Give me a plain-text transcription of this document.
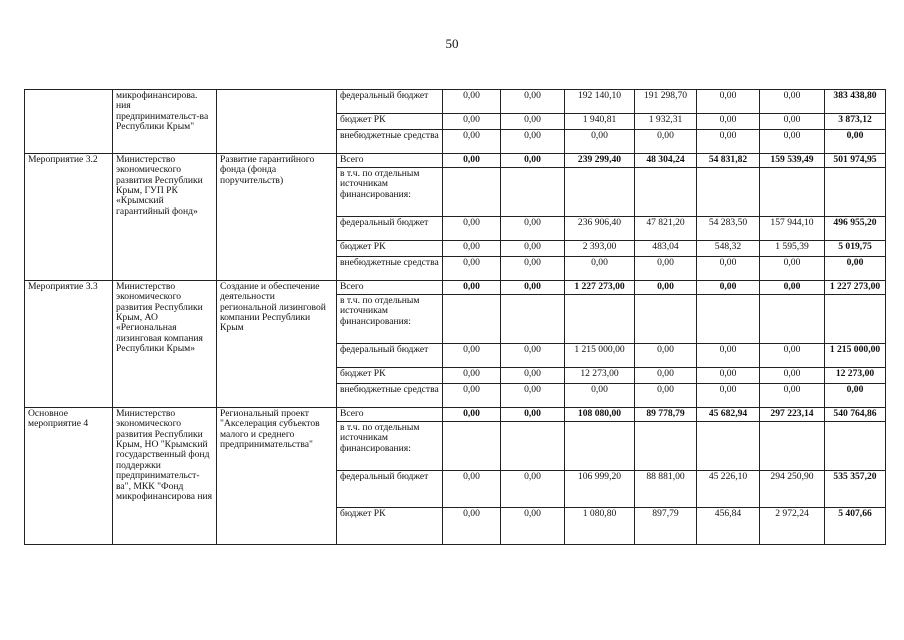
50
	микрофинансирова. ния предпринимательст-ва Республики Крым"		федеральный бюджет	0,00	0,00	192 140,10	191 298,70	0,00	0,00	383 438,80
			бюджет РК	0,00	0,00	1 940,81	1 932,31	0,00	0,00	3 873,12
			внебюджетные средства	0,00	0,00	0,00	0,00	0,00	0,00	0,00
Мероприятие 3.2	Министерство экономического развития Республики Крым, ГУП РК «Крымский гарантийный фонд»	Развитие гарантийного фонда (фонда поручительств)	Всего	0,00	0,00	239 299,40	48 304,24	54 831,82	159 539,49	501 974,95
			в т.ч. по отдельным источникам финансирования:							
			федеральный бюджет	0,00	0,00	236 906,40	47 821,20	54 283,50	157 944,10	496 955,20
			бюджет РК	0,00	0,00	2 393,00	483,04	548,32	1 595,39	5 019,75
			внебюджетные средства	0,00	0,00	0,00	0,00	0,00	0,00	0,00
Мероприятие 3.3	Министерство экономического развития Республики Крым, АО «Региональная лизинговая компания Республики Крым»	Создание и обеспечение деятельности региональной лизинговой компании Республики Крым	Всего	0,00	0,00	1 227 273,00	0,00	0,00	0,00	1 227 273,00
			в т.ч. по отдельным источникам финансирования:							
			федеральный бюджет	0,00	0,00	1 215 000,00	0,00	0,00	0,00	1 215 000,00
			бюджет РК	0,00	0,00	12 273,00	0,00	0,00	0,00	12 273,00
			внебюджетные средства	0,00	0,00	0,00	0,00	0,00	0,00	0,00
Основное мероприятие 4	Министерство экономического развития Республики Крым, НО "Крымский государственный фонд поддержки предпринимательст-ва", МКК "Фонд микрофинансирова ния	Региональный проект "Акселерация субъектов малого и среднего предпринимательства"	Всего	0,00	0,00	108 080,00	89 778,79	45 682,94	297 223,14	540 764,86
			в т.ч. по отдельным источникам финансирования:							
			федеральный бюджет	0,00	0,00	106 999,20	88 881,00	45 226,10	294 250,90	535 357,20
			бюджет РК	0,00	0,00	1 080,80	897,79	456,84	2 972,24	5 407,66
